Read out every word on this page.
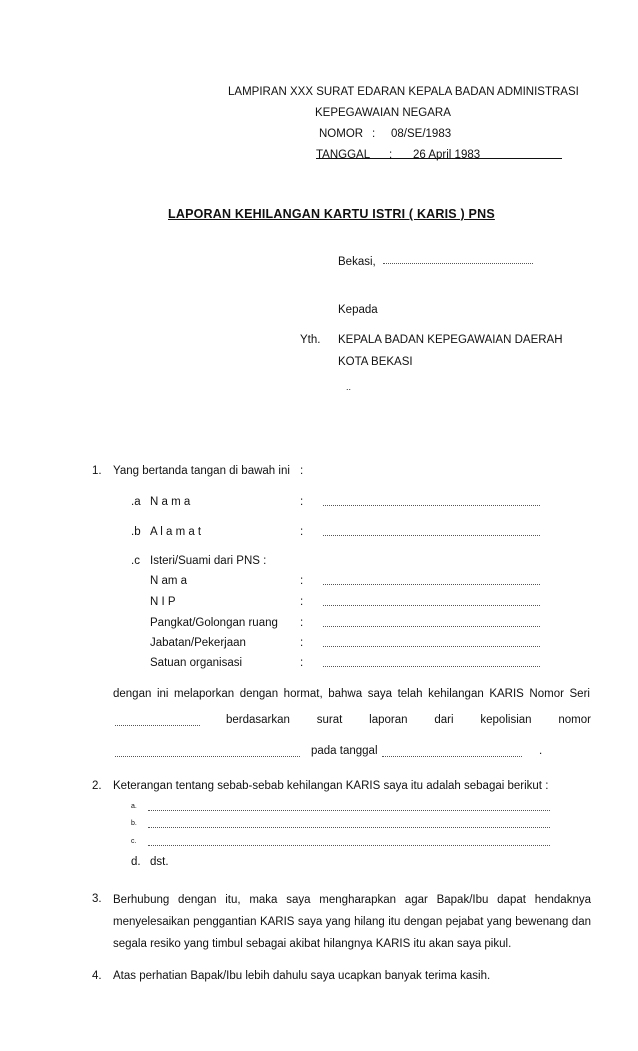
LAMPIRAN XXX SURAT EDARAN KEPALA BADAN ADMINISTRASI
KEPEGAWAIAN NEGARA
NOMOR : 08/SE/1983
TANGGAL : 26 April 1983
LAPORAN KEHILANGAN KARTU ISTRI ( KARIS ) PNS
Bekasi,
Kepada
Yth. KEPALA BADAN KEPEGAWAIAN DAERAH
KOTA BEKASI
..
1. Yang bertanda tangan di bawah ini :
.a N a m a	:
.b A l a m a t	:
.c Isteri/Suami dari PNS :
N am a	:
N I P	:
Pangkat/Golongan ruang :
Jabatan/Pekerjaan	:
Satuan organisasi	:
dengan ini melaporkan dengan hormat, bahwa saya telah kehilangan KARIS Nomor Seri
berdasarkan surat laporan dari kepolisian nomor
pada tanggal	.
2. Keterangan tentang sebab-sebab kehilangan KARIS saya itu adalah sebagai berikut :
a.
b.
c.
d. dst.
3. Berhubung dengan itu, maka saya mengharapkan agar Bapak/Ibu dapat hendaknya menyelesaikan penggantian KARIS saya yang hilang itu dengan pejabat yang bewenang dan segala resiko yang timbul sebagai akibat hilangnya KARIS itu akan saya pikul.
4. Atas perhatian Bapak/Ibu lebih dahulu saya ucapkan banyak terima kasih.
